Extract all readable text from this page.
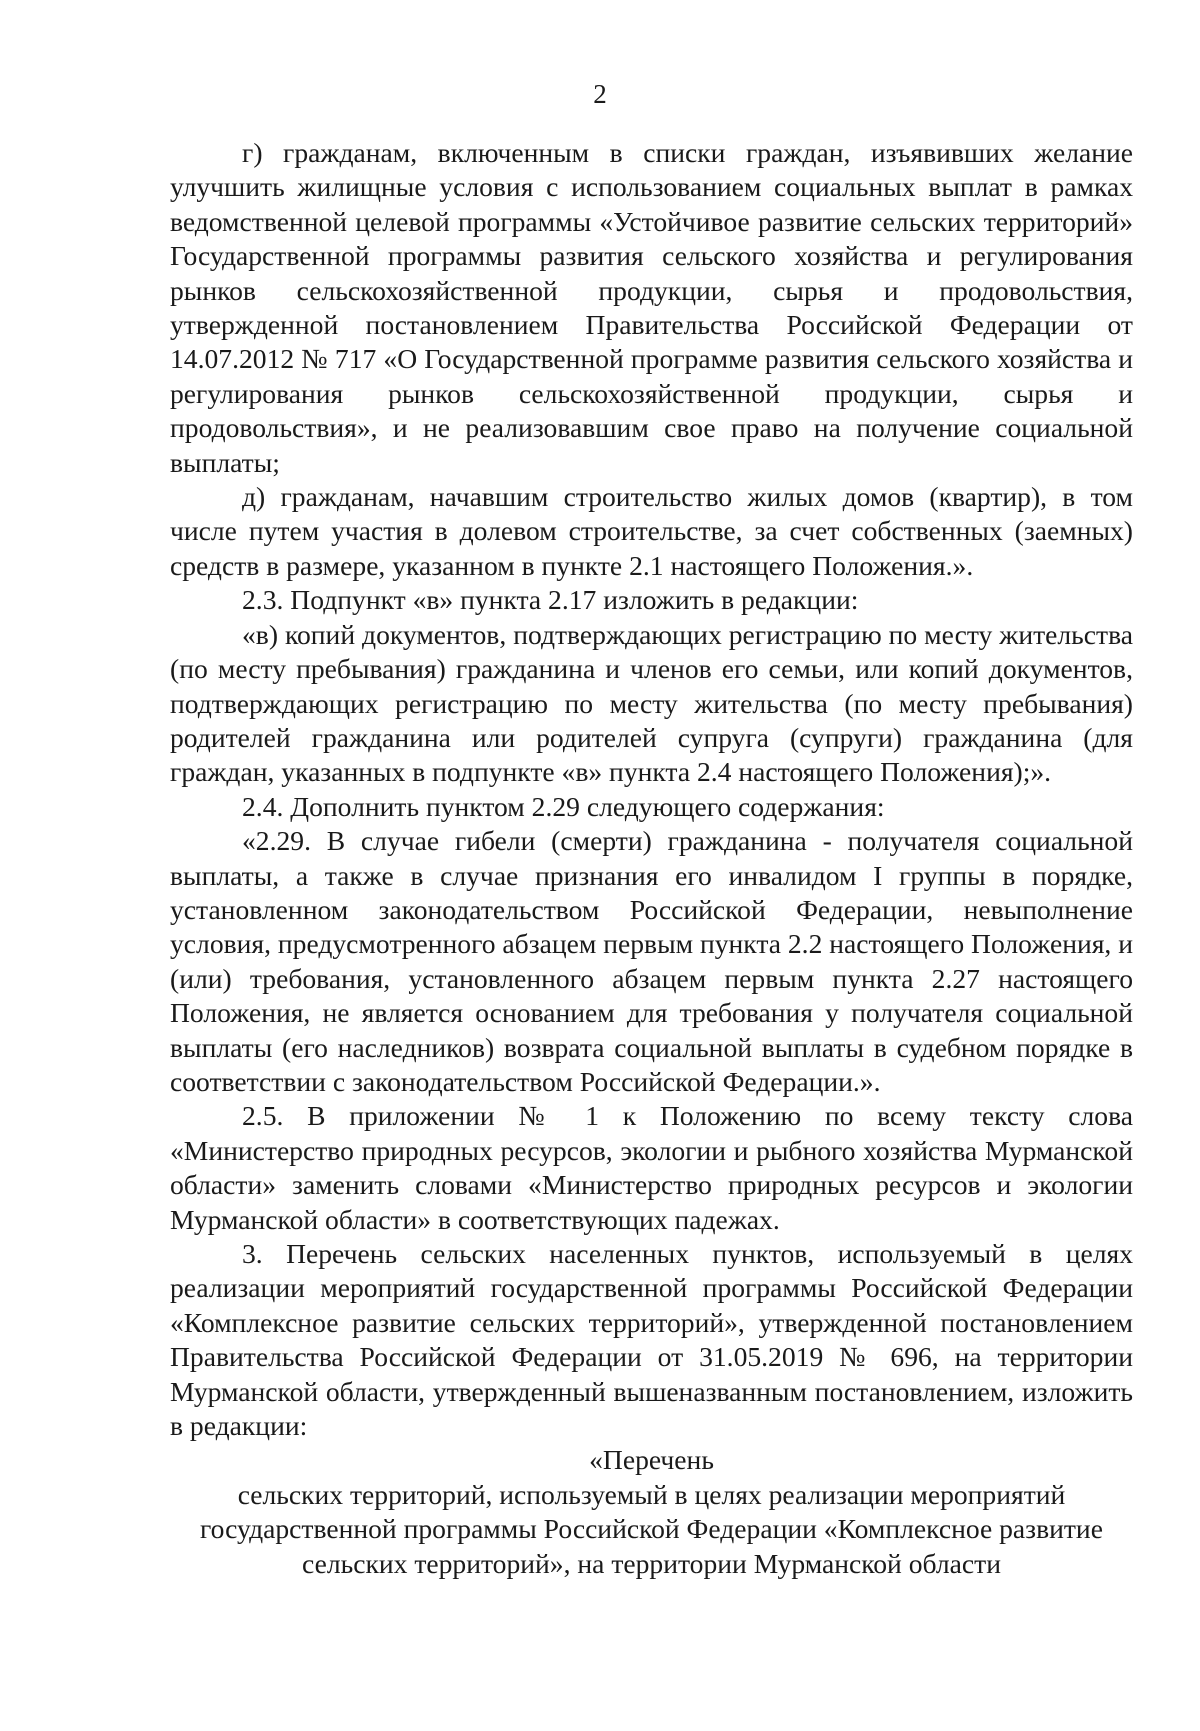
2

г) гражданам, включенным в списки граждан, изъявивших желание улучшить жилищные условия с использованием социальных выплат в рамках ведомственной целевой программы «Устойчивое развитие сельских территорий» Государственной программы развития сельского хозяйства и регулирования рынков сельскохозяйственной продукции, сырья и продовольствия, утвержденной постановлением Правительства Российской Федерации от 14.07.2012 № 717 «О Государственной программе развития сельского хозяйства и регулирования рынков сельскохозяйственной продукции, сырья и продовольствия», и не реализовавшим свое право на получение социальной выплаты;

д) гражданам, начавшим строительство жилых домов (квартир), в том числе путем участия в долевом строительстве, за счет собственных (заемных) средств в размере, указанном в пункте 2.1 настоящего Положения.».

2.3. Подпункт «в» пункта 2.17 изложить в редакции:

«в) копий документов, подтверждающих регистрацию по месту жительства (по месту пребывания) гражданина и членов его семьи, или копий документов, подтверждающих регистрацию по месту жительства (по месту пребывания) родителей гражданина или родителей супруга (супруги) гражданина (для граждан, указанных в подпункте «в» пункта 2.4 настоящего Положения);».

2.4. Дополнить пунктом 2.29 следующего содержания:

«2.29. В случае гибели (смерти) гражданина - получателя социальной выплаты, а также в случае признания его инвалидом I группы в порядке, установленном законодательством Российской Федерации, невыполнение условия, предусмотренного абзацем первым пункта 2.2 настоящего Положения, и (или) требования, установленного абзацем первым пункта 2.27 настоящего Положения, не является основанием для требования у получателя социальной выплаты (его наследников) возврата социальной выплаты в судебном порядке в соответствии с законодательством Российской Федерации.».

2.5. В приложении № 1 к Положению по всему тексту слова «Министерство природных ресурсов, экологии и рыбного хозяйства Мурманской области» заменить словами «Министерство природных ресурсов и экологии Мурманской области» в соответствующих падежах.

3. Перечень сельских населенных пунктов, используемый в целях реализации мероприятий государственной программы Российской Федерации «Комплексное развитие сельских территорий», утвержденной постановлением Правительства Российской Федерации от 31.05.2019 № 696, на территории Мурманской области, утвержденный вышеназванным постановлением, изложить в редакции:

«Перечень

сельских территорий, используемый в целях реализации мероприятий государственной программы Российской Федерации «Комплексное развитие сельских территорий», на территории Мурманской области
